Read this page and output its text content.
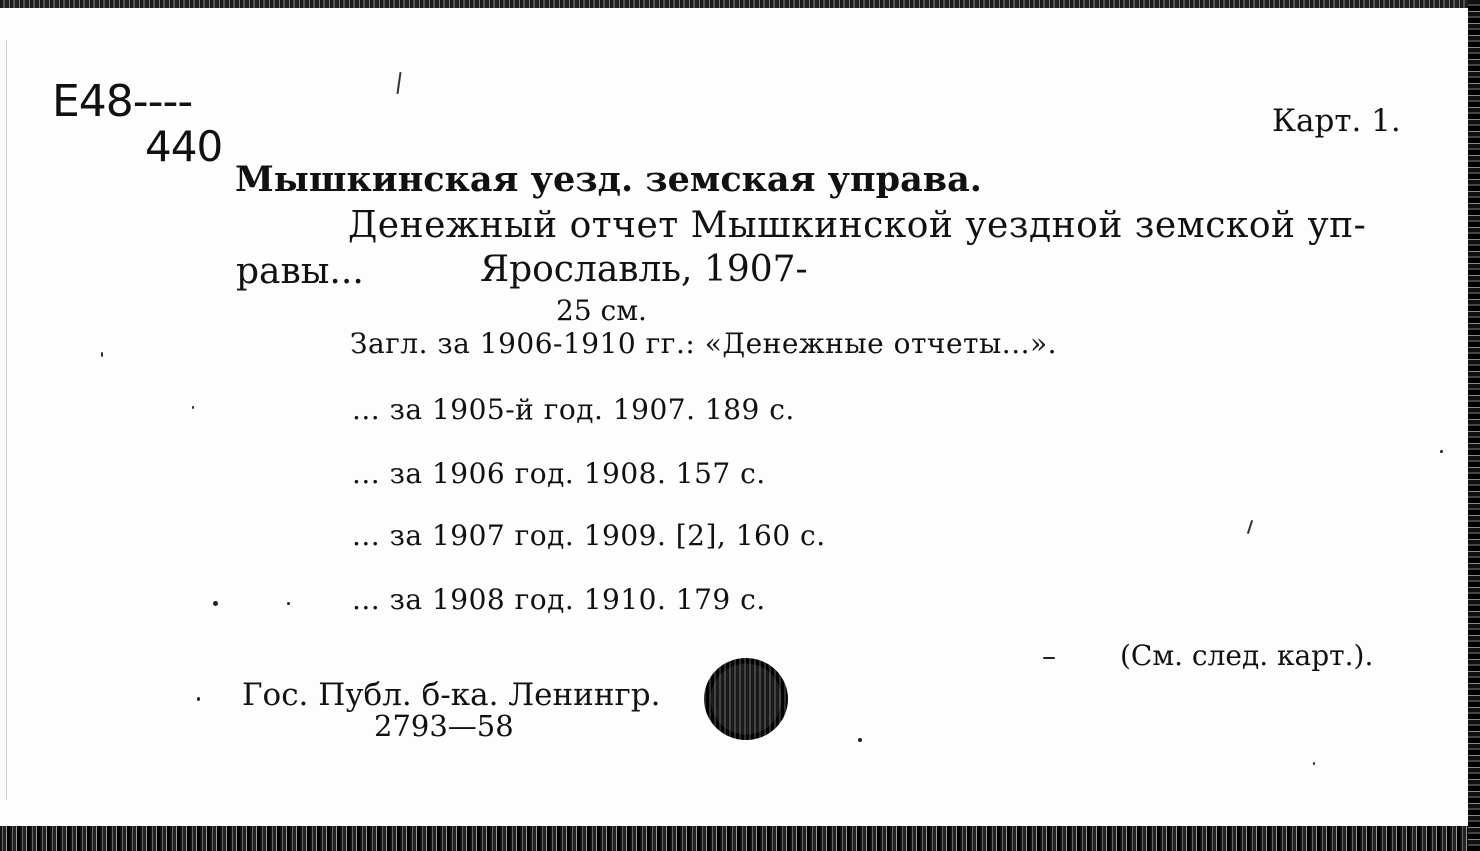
E48----
440
Карт. 1.
Мышкинская уезд. земская управа.
Денежный отчет Мышкинской уездной земской уп-
равы...	Ярославль, 1907-
25 см.
Загл. за 1906-1910 гг.: «Денежные отчеты...».
... за 1905-й год. 1907. 189 с.
... за 1906 год. 1908. 157 с.
... за 1907 год. 1909. [2], 160 с.
... за 1908 год. 1910. 179 с.
(См. след. карт.).
Гос. Публ. б-ка. Ленингр.
2793—58
